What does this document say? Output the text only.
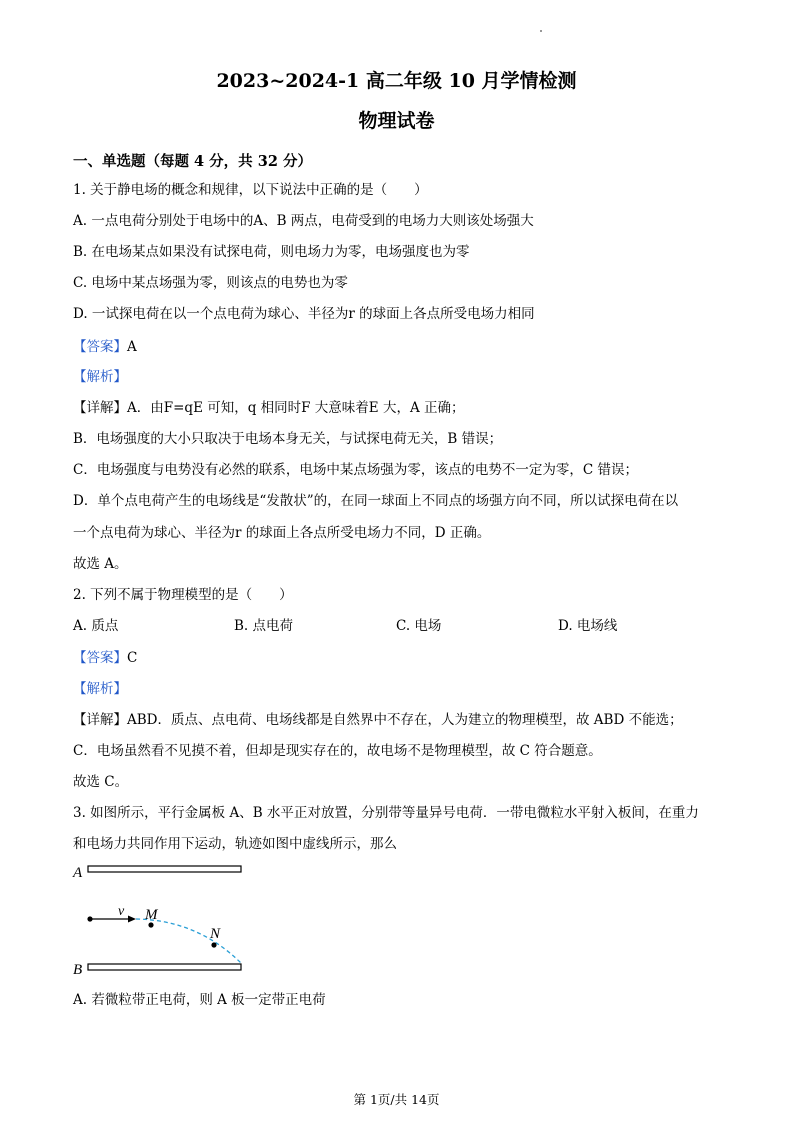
2023~2024-1 高二年级 10 月学情检测
物理试卷
一、单选题（每题 4 分，共 32 分）
1. 关于静电场的概念和规律，以下说法中正确的是（　　）
A. 一点电荷分别处于电场中的A、B 两点，电荷受到的电场力大则该处场强大
B. 在电场某点如果没有试探电荷，则电场力为零，电场强度也为零
C. 电场中某点场强为零，则该点的电势也为零
D. 一试探电荷在以一个点电荷为球心、半径为r 的球面上各点所受电场力相同
【答案】A
【解析】
【详解】A．由F=qE 可知，q 相同时F 大意味着E 大，A 正确；
B．电场强度的大小只取决于电场本身无关，与试探电荷无关，B 错误；
C．电场强度与电势没有必然的联系，电场中某点场强为零，该点的电势不一定为零，C 错误；
D．单个点电荷产生的电场线是“发散状”的，在同一球面上不同点的场强方向不同，所以试探电荷在以
一个点电荷为球心、半径为r 的球面上各点所受电场力不同，D 正确。
故选 A。
2. 下列不属于物理模型的是（　　）
A. 质点	B. 点电荷	C. 电场	D. 电场线
【答案】C
【解析】
【详解】ABD．质点、点电荷、电场线都是自然界中不存在，人为建立的物理模型，故 ABD 不能选；
C．电场虽然看不见摸不着，但却是现实存在的，故电场不是物理模型，故 C 符合题意。
故选 C。
3. 如图所示，平行金属板 A、B 水平正对放置，分别带等量异号电荷．一带电微粒水平射入板间，在重力
和电场力共同作用下运动，轨迹如图中虚线所示，那么
A
B
v M
N
A. 若微粒带正电荷，则 A 板一定带正电荷
第 1页/共 14页
